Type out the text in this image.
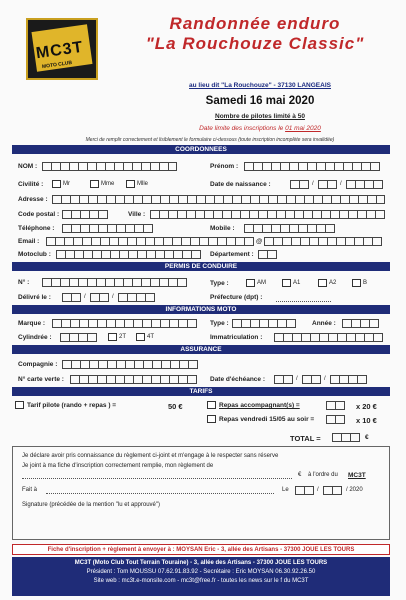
MC3T
MOTO CLUB
Randonnée enduro
"La Rouchouze Classic"
au lieu dit "La Rouchouze" - 37130 LANGEAIS
Samedi 16 mai 2020
Nombre de pilotes limité à 50
Date limite des inscriptions le 01 mai 2020
Merci de remplir correctement et lisiblement le formulaire ci-dessous (toute inscription incomplète sera invalidée)
COORDONNEES
NOM :	Prénom :
Civilité :	Mr	Mme	Mlle	Date de naissance :	/	/
Adresse :
Code postal :	Ville :
Téléphone :	Mobile :
Email :	@
Motoclub :	Département :
PERMIS DE CONDUIRE
N° :	Type :	AM	A1	A2	B
Délivré le :	/	/	Préfecture (dpt) :
INFORMATIONS MOTO
Marque :	Type :	Année :
Cylindrée :	2T	4T	Immatriculation :
ASSURANCE
Compagnie :
N° carte verte :	Date d'échéance :	/	/
TARIFS
Tarif pilote (rando + repas ) =	50 €	Repas accompagnant(s) =	x 20 €
Repas vendredi 15/05 au soir =	x 10 €
TOTAL =	€
Je déclare avoir pris connaissance du règlement ci-joint et m'engage à le respecter sans réserve
Je joint à ma fiche d'inscription correctement remplie, mon règlement de
€ à l'ordre du MC3T
Fait à	Le	/	/ 2020
Signature (précédée de la mention "lu et approuvé")
Fiche d'inscription + règlement à envoyer à : MOYSAN Eric - 3, allée des Artisans - 37300 JOUE LES TOURS
MC3T (Moto Club Tout Terrain Touraine) - 3, allée des Artisans - 37300 JOUE LES TOURS
Président : Tom MOUSSU 07.62.91.83.92 - Secrétaire : Eric MOYSAN 06.30.92.26.50
Site web : mc3t.e-monsite.com - mc3t@free.fr - toutes les news sur le f du MC3T
